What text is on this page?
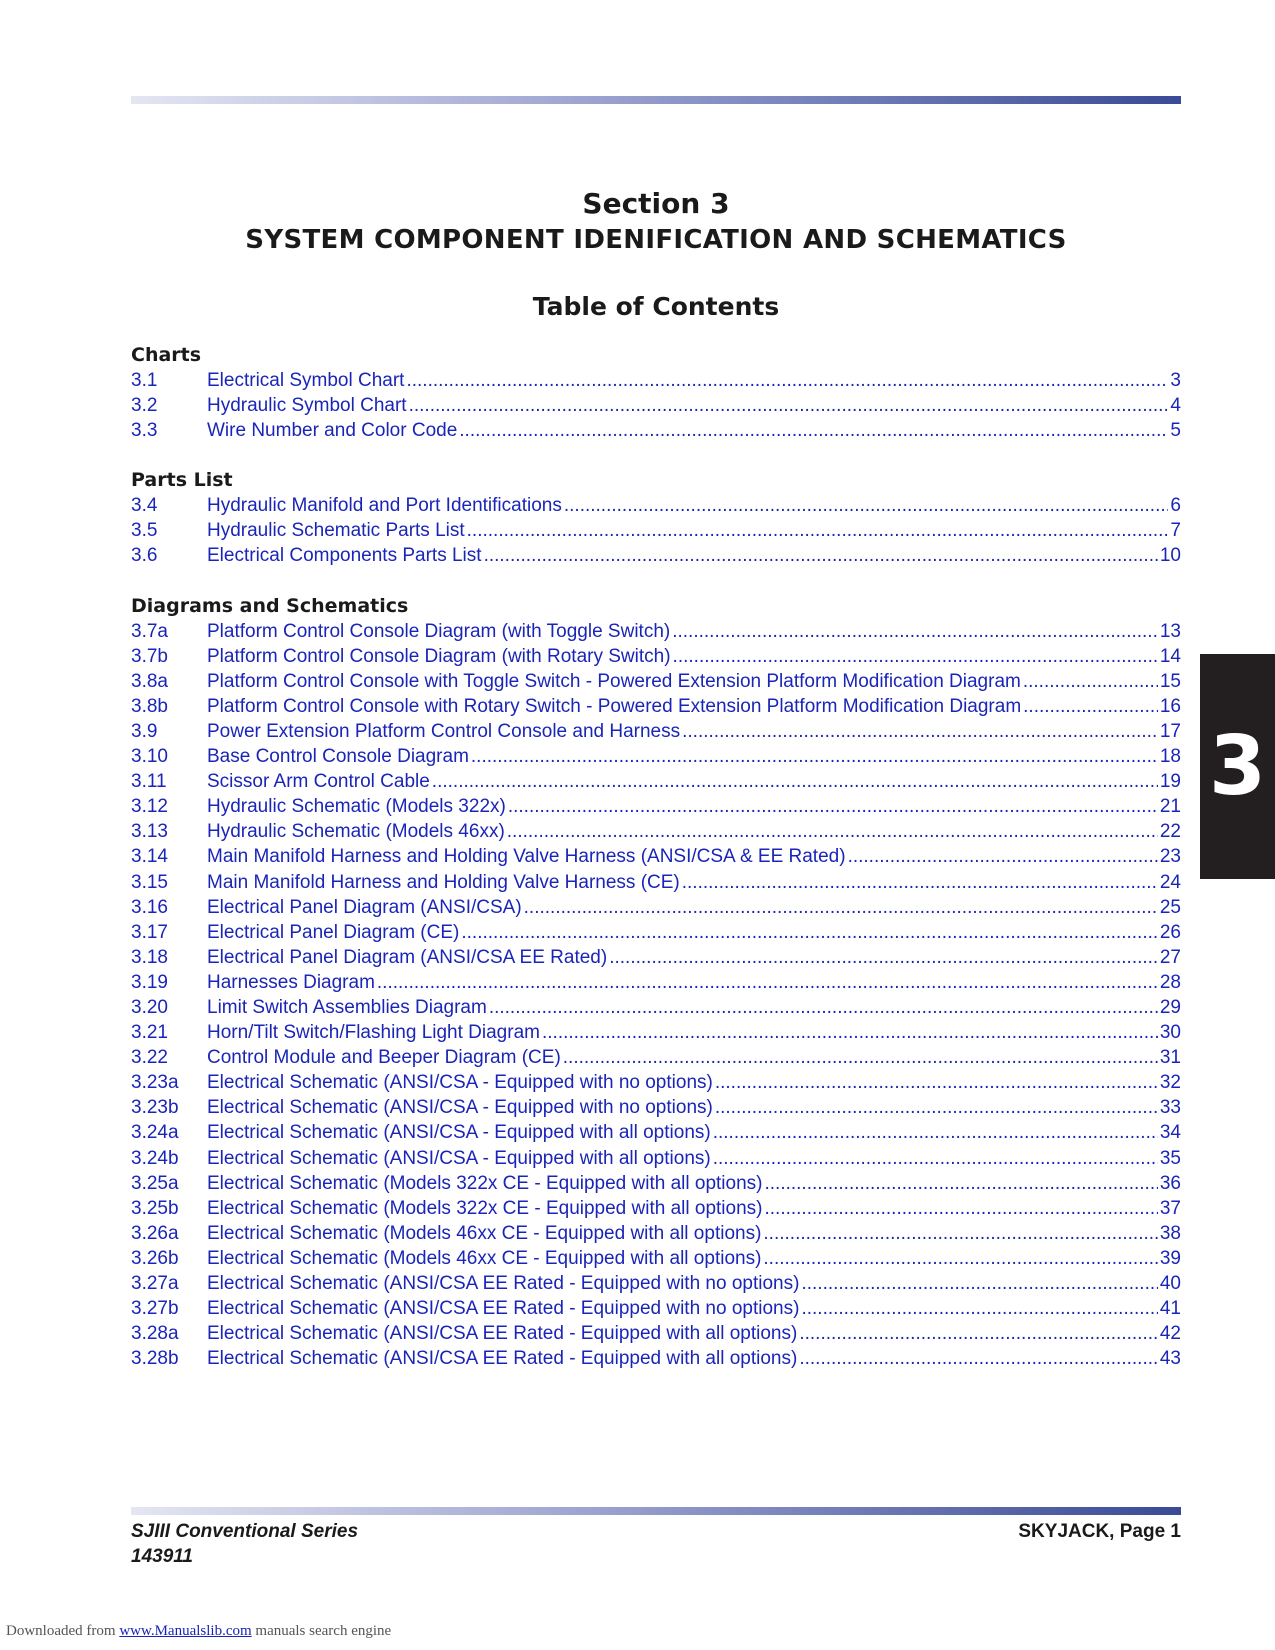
Section 3
SYSTEM COMPONENT IDENIFICATION AND SCHEMATICS
Table of Contents
Charts
3.1	Electrical Symbol Chart .....	3
3.2	Hydraulic Symbol Chart .....	4
3.3	Wire Number and Color Code .....	5
Parts List
3.4	Hydraulic Manifold and Port Identifications .....	6
3.5	Hydraulic Schematic Parts List .....	7
3.6	Electrical Components Parts List .....	10
Diagrams and Schematics
3.7a	Platform Control Console Diagram (with Toggle Switch) .....	13
3.7b	Platform Control Console Diagram (with Rotary Switch) .....	14
3.8a	Platform Control Console with Toggle Switch - Powered Extension Platform Modification Diagram .....	15
3.8b	Platform Control Console with Rotary Switch - Powered Extension Platform Modification Diagram .....	16
3.9	Power Extension Platform Control Console and Harness .....	17
3.10	Base Control Console Diagram .....	18
3.11	Scissor Arm Control Cable .....	19
3.12	Hydraulic Schematic (Models 322x) .....	21
3.13	Hydraulic Schematic (Models 46xx) .....	22
3.14	Main Manifold Harness and Holding Valve Harness (ANSI/CSA & EE Rated) .....	23
3.15	Main Manifold Harness and Holding Valve Harness (CE) .....	24
3.16	Electrical Panel Diagram (ANSI/CSA) .....	25
3.17	Electrical Panel Diagram (CE) .....	26
3.18	Electrical Panel Diagram (ANSI/CSA EE Rated) .....	27
3.19	Harnesses Diagram .....	28
3.20	Limit Switch Assemblies Diagram .....	29
3.21	Horn/Tilt Switch/Flashing Light Diagram .....	30
3.22	Control Module and Beeper Diagram (CE) .....	31
3.23a	Electrical Schematic (ANSI/CSA - Equipped with no options) .....	32
3.23b	Electrical Schematic (ANSI/CSA - Equipped with no options) .....	33
3.24a	Electrical Schematic (ANSI/CSA - Equipped with all options) .....	34
3.24b	Electrical Schematic (ANSI/CSA - Equipped with all options) .....	35
3.25a	Electrical Schematic (Models 322x CE - Equipped with all options) .....	36
3.25b	Electrical Schematic (Models 322x CE - Equipped with all options) .....	37
3.26a	Electrical Schematic (Models 46xx CE - Equipped with all options) .....	38
3.26b	Electrical Schematic (Models 46xx CE - Equipped with all options) .....	39
3.27a	Electrical Schematic (ANSI/CSA EE Rated - Equipped with no options) .....	40
3.27b	Electrical Schematic (ANSI/CSA EE Rated - Equipped with no options) .....	41
3.28a	Electrical Schematic (ANSI/CSA EE Rated - Equipped with all options) .....	42
3.28b	Electrical Schematic (ANSI/CSA EE Rated - Equipped with all options) .....	43
3
SJIII Conventional Series
143911
SKYJACK, Page 1
Downloaded from www.Manualslib.com manuals search engine
